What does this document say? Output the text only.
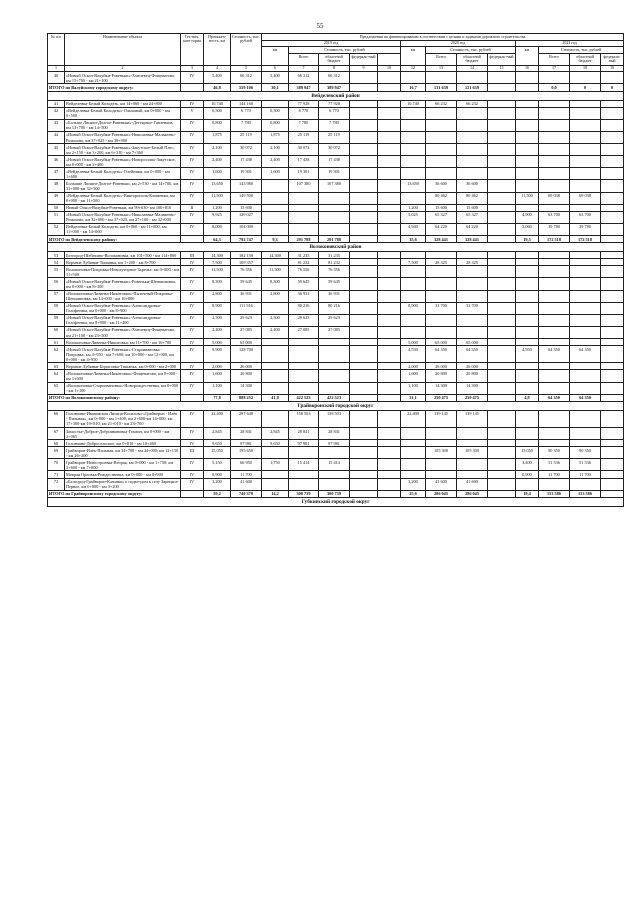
55
№ п/п	Наименование объекта	Тех-нич. кате-гория	Протяжен-ность, км	Стоимость, тыс. рублей	Предложения по финансированию в соответствии с целями и задачами дорожного строительства													
					2019 год					2020 год				2021 год				
					км	Стоимость, тыс. рублей				км	Стоимость, тыс. рублей			км	Стоимость, тыс. рублей			
						Всего	областной бюджет	федераль-ный			Всего	областной бюджет	федераль-ный		Всего	областной бюджет	федераль-ный	
1	2	3	4	5	6	7	8	9	10	12	13	14	15	16	17	18	19	
40	«Новый Оскол-Валуйки-Ровеньки»-Хмелевец-Фощеватово, км 15+700 - км 21+100	IV	5,400	66 312	5,400	66 312	66 312											
ИТОГО по Валуйскому городскому округу:			46,8	559 106	30,1	389 947	389 947			16,7	131 639	121 639			0,0	0	0	
Вейделевский район																		
41	Вейделевка-Белый Колодезь, км 14+060 - км 24+800	IV	10,740	144 160		77 928	77 928			10,740	66 232	66 232						
42	«Вейделевка-Белый Колодезь»-Ольховый, км 0+000 - км 0+500	V	0,500	6 770	0,500	6 770	6 770											
43	«Больше Липяги-Долгое-Ровеньки»-Дегтярное-Гамзенков, км 13+700 - км 14+500	IV	0,800	7 780	0,800	7 780	7 780											
44	«Новый Оскол-Валуйки-Ровеньки»-Николаевка-Малакеево-Ромахово, км 37+025 - км 38+900	IV	1,875	25 119	1,875	25 119	25 119											
45	«Новый Оскол-Валуйки-Ровеньки»-Закутское-Белый Плес, км 2+150 - км 3+200, км 6+310 - км 7+360	IV	2,100	30 072	2,100	30 072	30 072											
46	«Новый Оскол-Валуйки-Ровеньки»-Новоросошь-Закутское, км 0+000 - км 2+400	IV	2,400	17 438	2,400	17 438	17 438											
47	«Вейделевка-Белый Колодезь»-Олейники, км 0+000 - км 1+600	IV	1,600	19 301	1,600	19 301	19 301											
48	Большие Липяги-Долгое-Ровеньки, км 2+530 - км 14+700, км 31+000-км 32+500	IV	13,650	143 980		107 380	107 380			13,650	36 600	36 600						
49	«Вейделевка-Белый Колодезь»-Викторополь-Клименки, км 0+000 - км 11+500	IV	11,500	149 500							80 462	80 462		11,500	69 038	69 038		
50	Новый Оскол-Валуйки-Ровеньки, км 99+630- км 100+810	II	1,200	15 600						1,200	15 600	15 600						
51	«Новый Оскол-Валуйки-Ровеньки»-Николаевка-Малакеево-Ромахово, км 32+000 - км 37+025, км 27+100 - км 32+000	IV	9,925	129 027						5,025	65 327	65 327		4,900	63 700	63 700		
52	Вейделевка-Белый Колодезь, км 0+060 - км 11+000, км 11+000 - км 14+060	IV	8,000	104 000						4,940	64 220	64 220		3,060	39 780	39 780		
ИТОГО по Вейделевскому району:			64,3	792 747	9,3	291 788	291 788			35,6	328 441	328 441		19,5	172 518	172 518		
Волоконовский район																		
53	Белгород-Шебекино-Волоконовка, км 101+500 - км 114+800	III	14,300	182 139	14,300	31 235	31 235											
54	Верхние Лубянки-Тишанка, км 1+200 - км 8+700	IV	7,500	109 357		81 232	81 232			7,500	28 325	28 325						
55	Волоконовка-Покровка-Новохуторное-Заречье, км 0+000 - км 11+500	IV	11,500	76 556	11,500	76 556	76 556											
56	«Новый Оскол-Валуйки-Ровеньки»-Ровеньки-Шеншиновка, км 0+000 - км 8+300	IV	8,300	59 645	8,300	59 645	59 645											
57	«Волоконовка-Ливенка-Никитовка»-Пыточный-Покровка-Шеншиновка, км 14+000 - км 16+800	IV	2,800	36 931	2,800	36 931	36 931											
58	«Новый Оскол-Валуйки-Ровеньки»-Александровка-Голофеевка, км 0+000 - км 8+900	IV	8,900	111 916		80 216	80 216			8,900	31 700	31 700						
59	«Новый Оскол-Валуйки-Ровеньки»-Александровка-Голофеевка, км 8+900 - км 11+400	IV	2,500	29 623	2,500	29 623	29 623											
60	«Новый Оскол-Валуйки-Ровеньки»-Хмелевец-Фощеватово, км 21+100 - км 23+500	IV	2,400	27 085	2,400	27 085	27 085											
61	Волоконовка-Ливенка-Никитовка, км 11+700 - км 16+700	IV	5,000	65 000						5,000	65 000	65 000						
62	«Новый Оскол-Валуйки-Ровеньки»-Староивановка - Покровка, км 4+950 - км 7+600; км 10+000 - км 12+000, км 0+000 - км 4+950	IV	9,900	128 700						4,530	64 350	64 350		4,950	64 350	64 350		
63	Верхние Лубянки-Борисовка-Тишанка, км 0+000 - км 2+000	IV	2,000	26 000						2,000	26 000	26 000						
64	«Волоконовка-Ливенка-Никитовка»-Фощеватово, км 0+000 - км 1+600	IV	1,600	20 800						1,600	20 800	20 800						
65	«Волоконовка-Староивановка»-Новорождественка, км 0+000 - км 1+100	IV	1,100	14 300						1,100	14 300	14 300						
ИТОГО по Волоконовскому району:			77,8	888 252	41,8	422 523	422 523			31,1	250 475	250 475		4,9	64 350	64 350		
Грайворонский городской округ																		
66	Головчино-Ивановская Лисица-Косилово-«Грайворон - Илёк - Пильная», км 0+000 - км 1+400; км 2+600-км 14+000, км 17+300-км 19+810, км 21+010 - км 23+700	IV	22,400	297 648		158 503	158 503			22,400	139 145	139 145						
67	Замостье-Доброе-Доброивановка-Гомзин, км 0+000 - км 2+065	IV	2,845	28 841	2,845	28 841	28 841											
68	Головчино-Добросельское, км 0+810 - км 10+460	IV	9,650	97 981	9,650	97 981	97 981											
69	Грайворон-Илёк-Пильная, км 34+700 - км 44+000; км 12+150 - км 26+200	III	15,050	195 650							105 300	105 300		15,050	90 350	90 350		
70	Грайворон-Новостроевка-Вторая, км 0+000 - км 1+750; км 3+600 - км 7+000	IV	5,150	66 950	1,750	15 414	15 414							3,400	51 536	51 536		
71	Мокрая Орловка-Рождественка, км 0+000 - км 0+900	IV	0,900	11 700										0,900	11 700	11 700		
72	«Белгород-Грайворон-Казинка» о подъездом к селу Зарецкое-Первое, км 0+000 - км 3+200	IV	3,200	41 600						3,200	41 600	41 600						
ИТОГО по Грайворонскому городскому округу:			59,2	740 370	14,2	300 739	300 739			25,6	286 045	286 045		19,4	153 586	153 586		
Губкинский городской округ																		
